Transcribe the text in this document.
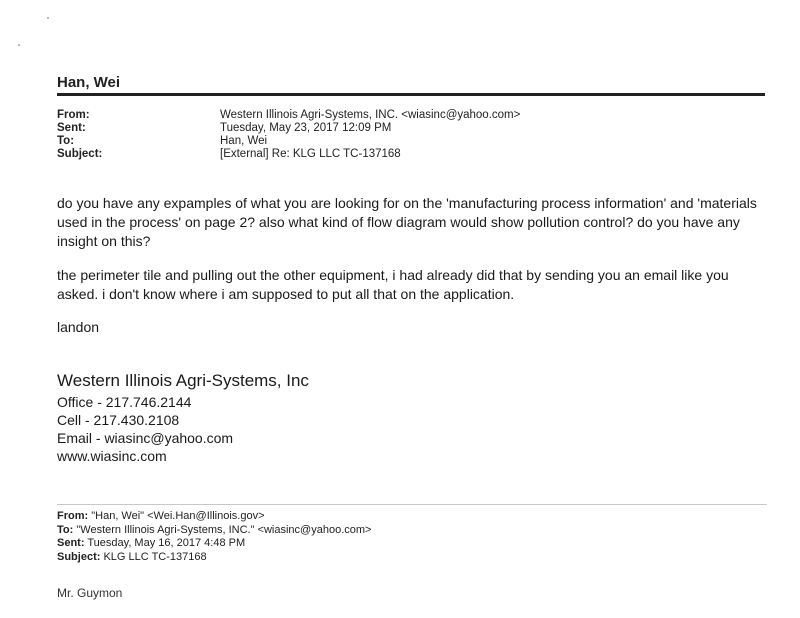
Han, Wei
From:	Western Illinois Agri-Systems, INC. <wiasinc@yahoo.com>
Sent:	Tuesday, May 23, 2017 12:09 PM
To:	Han, Wei
Subject:	[External] Re: KLG LLC TC-137168

do you have any expamples of what you are looking for on the 'manufacturing process information' and 'materials used in the process' on page 2? also what kind of flow diagram would show pollution control? do you have any insight on this?

the perimeter tile and pulling out the other equipment, i had already did that by sending you an email like you asked. i don't know where i am supposed to put all that on the application.

landon

Western Illinois Agri-Systems, Inc
Office - 217.746.2144
Cell - 217.430.2108
Email - wiasinc@yahoo.com
www.wiasinc.com
From: "Han, Wei" <Wei.Han@Illinois.gov>
To: "Western Illinois Agri-Systems, INC." <wiasinc@yahoo.com>
Sent: Tuesday, May 16, 2017 4:48 PM
Subject: KLG LLC TC-137168
Mr. Guymon
